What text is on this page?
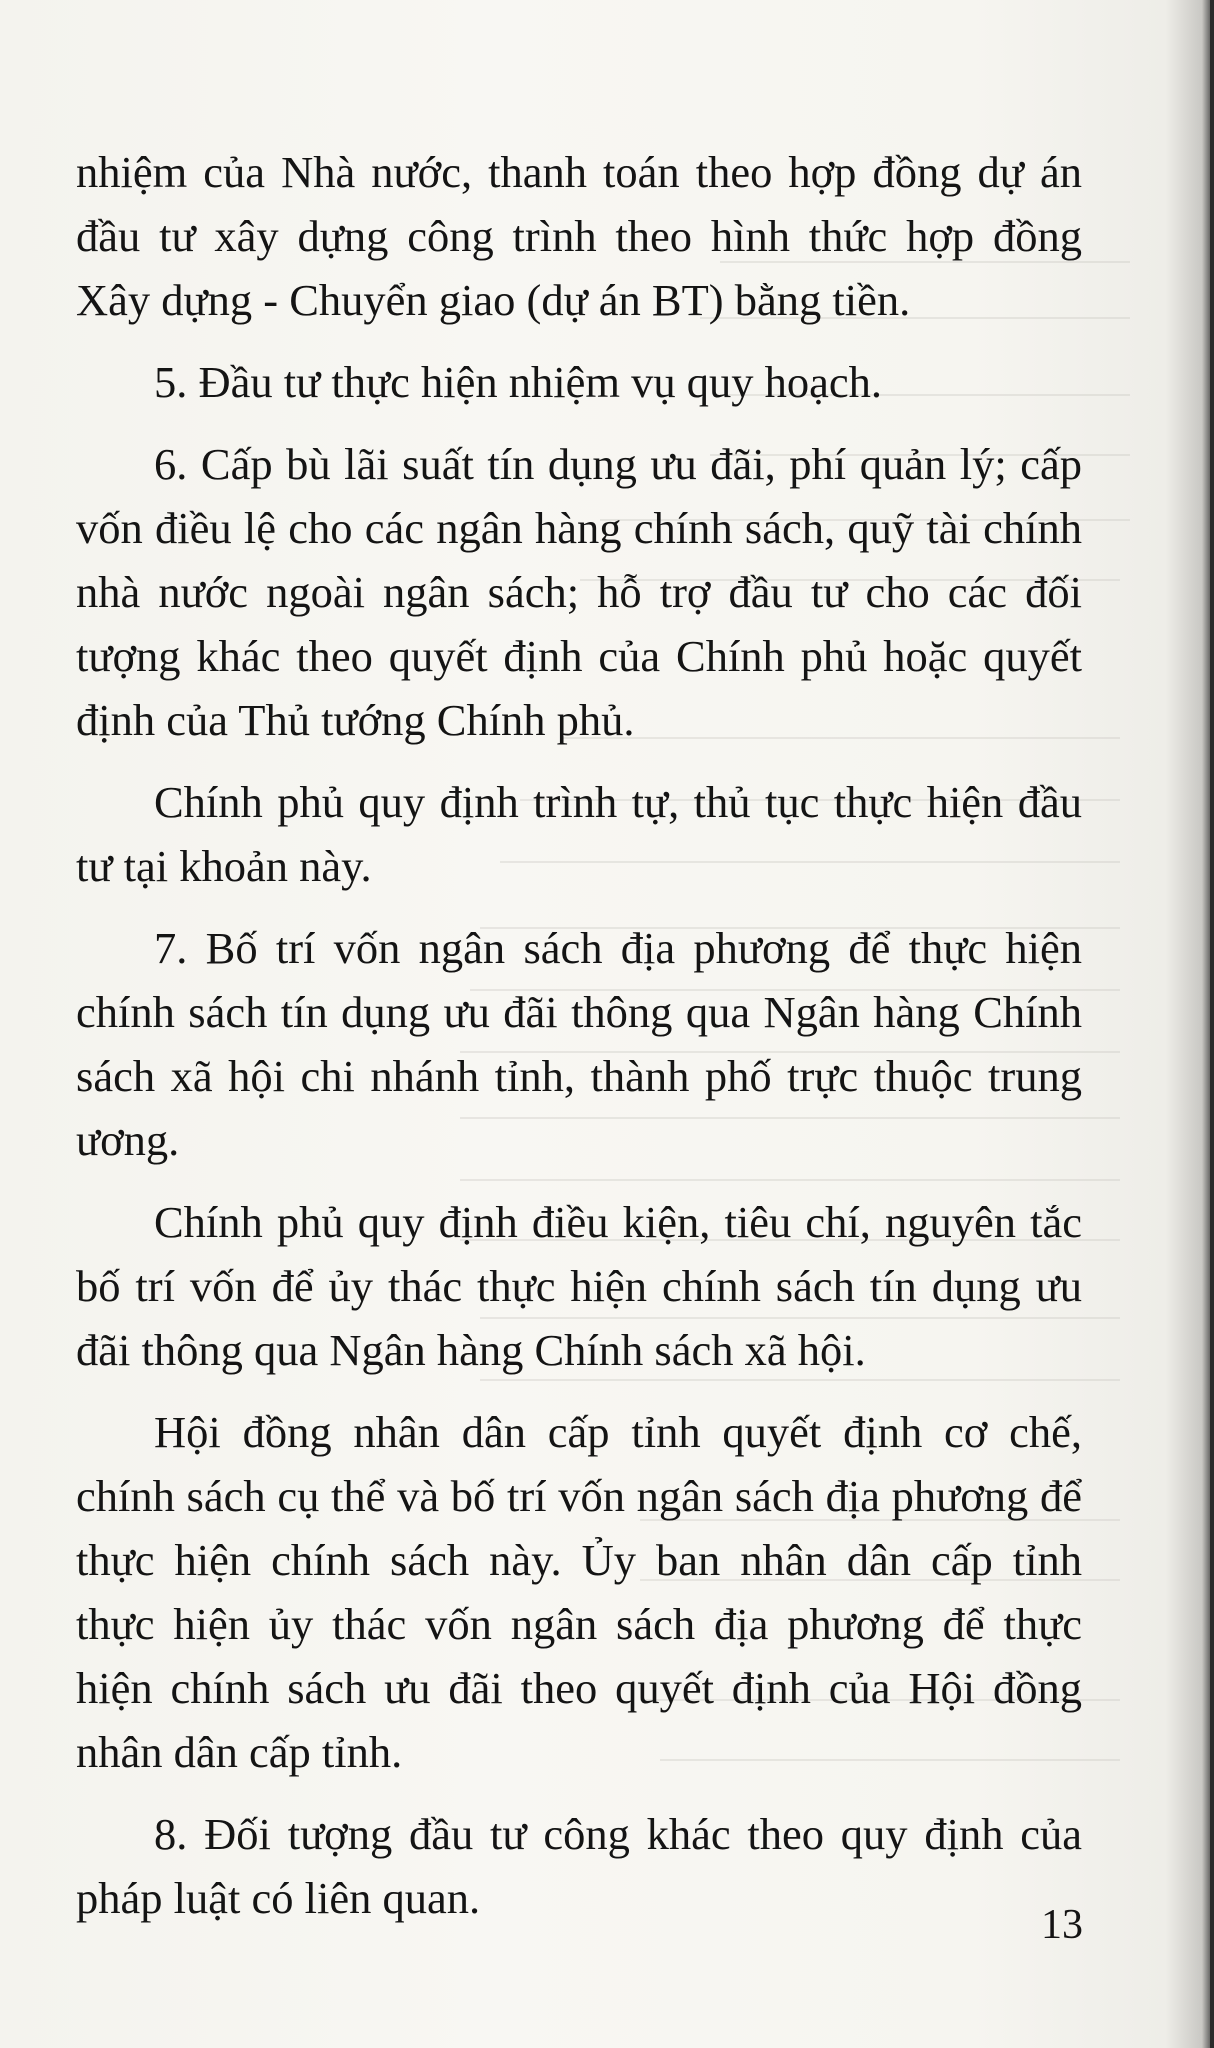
nhiệm của Nhà nước, thanh toán theo hợp đồng dự án đầu tư xây dựng công trình theo hình thức hợp đồng Xây dựng - Chuyển giao (dự án BT) bằng tiền.

5. Đầu tư thực hiện nhiệm vụ quy hoạch.

6. Cấp bù lãi suất tín dụng ưu đãi, phí quản lý; cấp vốn điều lệ cho các ngân hàng chính sách, quỹ tài chính nhà nước ngoài ngân sách; hỗ trợ đầu tư cho các đối tượng khác theo quyết định của Chính phủ hoặc quyết định của Thủ tướng Chính phủ.

Chính phủ quy định trình tự, thủ tục thực hiện đầu tư tại khoản này.

7. Bố trí vốn ngân sách địa phương để thực hiện chính sách tín dụng ưu đãi thông qua Ngân hàng Chính sách xã hội chi nhánh tỉnh, thành phố trực thuộc trung ương.

Chính phủ quy định điều kiện, tiêu chí, nguyên tắc bố trí vốn để ủy thác thực hiện chính sách tín dụng ưu đãi thông qua Ngân hàng Chính sách xã hội.

Hội đồng nhân dân cấp tỉnh quyết định cơ chế, chính sách cụ thể và bố trí vốn ngân sách địa phương để thực hiện chính sách này. Ủy ban nhân dân cấp tỉnh thực hiện ủy thác vốn ngân sách địa phương để thực hiện chính sách ưu đãi theo quyết định của Hội đồng nhân dân cấp tỉnh.

8. Đối tượng đầu tư công khác theo quy định của pháp luật có liên quan.

13
